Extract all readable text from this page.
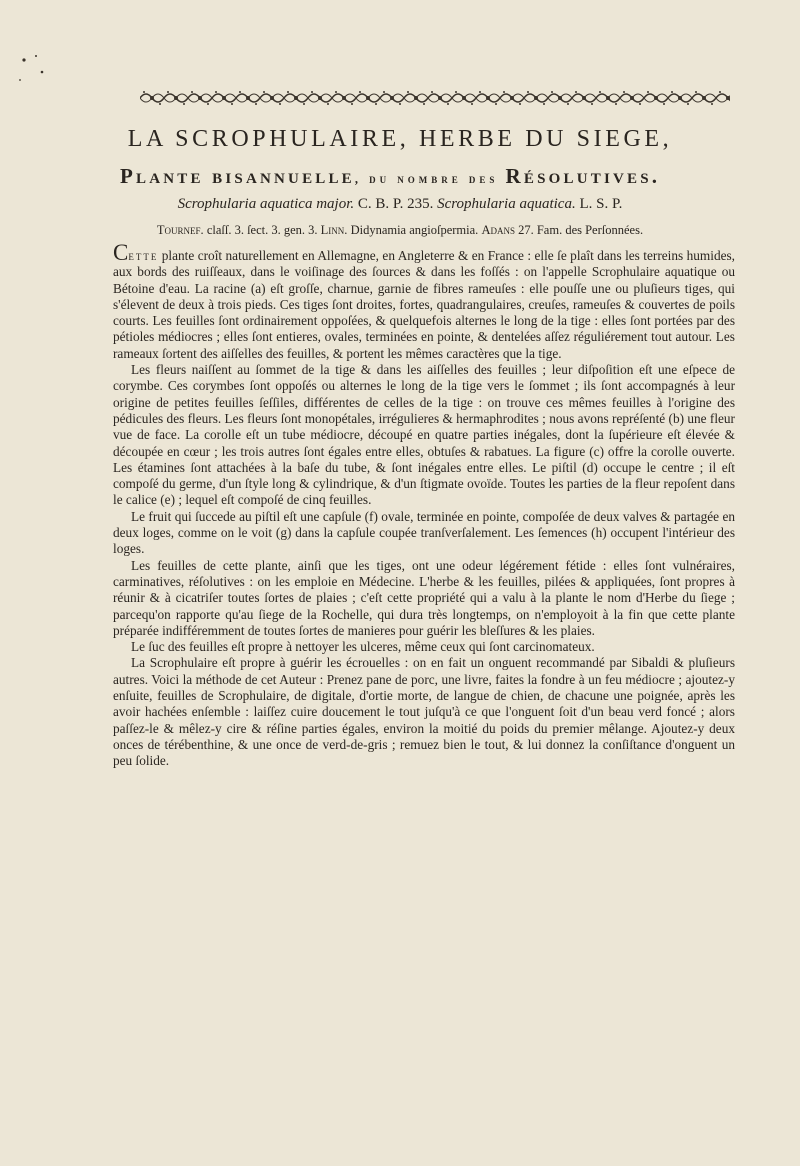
LA SCROPHULAIRE, HERBE DU SIEGE,
Plante bisannuelle, du nombre des Résolutives.
Scrophularia aquatica major. C. B. P. 235. Scrophularia aquatica. L. S. P.
Tournef. claſſ. 3. ſect. 3. gen. 3. Linn. Didynamia angioſpermia. Adans 27. Fam. des Perſonnées.

Cette plante croît naturellement en Allemagne, en Angleterre & en France : elle ſe plaît dans les terreins humides, aux bords des ruiſſeaux, dans le voiſinage des ſources & dans les foſſés : on l'appelle Scrophulaire aquatique ou Bétoine d'eau. La racine (a) eſt groſſe, charnue, garnie de fibres rameuſes : elle pouſſe une ou pluſieurs tiges, qui s'élevent de deux à trois pieds. Ces tiges ſont droites, fortes, quadrangulaires, creuſes, rameuſes & couvertes de poils courts. Les feuilles ſont ordinairement oppoſées, & quelquefois alternes le long de la tige : elles ſont portées par des pétioles médiocres ; elles ſont entieres, ovales, terminées en pointe, & dentelées aſſez réguliérement tout autour. Les rameaux ſortent des aiſſelles des feuilles, & portent les mêmes caractères que la tige.

Les fleurs naiſſent au ſommet de la tige & dans les aiſſelles des feuilles ; leur diſpoſition eſt une eſpece de corymbe. Ces corymbes ſont oppoſés ou alternes le long de la tige vers le ſommet ; ils ſont accompagnés à leur origine de petites feuilles ſeſſiles, différentes de celles de la tige : on trouve ces mêmes feuilles à l'origine des pédicules des fleurs. Les fleurs ſont monopétales, irrégulieres & hermaphrodites ; nous avons repréſenté (b) une fleur vue de face. La corolle eſt un tube médiocre, découpé en quatre parties inégales, dont la ſupérieure eſt élevée & découpée en cœur ; les trois autres ſont égales entre elles, obtuſes & rabatues. La figure (c) offre la corolle ouverte. Les étamines ſont attachées à la baſe du tube, & ſont inégales entre elles. Le piſtil (d) occupe le centre ; il eſt compoſé du germe, d'un ſtyle long & cylindrique, & d'un ſtigmate ovoïde. Toutes les parties de la fleur repoſent dans le calice (e) ; lequel eſt compoſé de cinq feuilles.

Le fruit qui ſuccede au piſtil eſt une capſule (f) ovale, terminée en pointe, compoſée de deux valves & partagée en deux loges, comme on le voit (g) dans la capſule coupée tranſverſalement. Les ſemences (h) occupent l'intérieur des loges.

Les feuilles de cette plante, ainſi que les tiges, ont une odeur légérement fétide : elles ſont vulnéraires, carminatives, réſolutives : on les emploie en Médecine. L'herbe & les feuilles, pilées & appliquées, ſont propres à réunir & à cicatriſer toutes ſortes de plaies ; c'eſt cette propriété qui a valu à la plante le nom d'Herbe du ſiege ; parcequ'on rapporte qu'au ſiege de la Rochelle, qui dura très longtemps, on n'employoit à la fin que cette plante préparée indifféremment de toutes ſortes de manieres pour guérir les bleſſures & les plaies.

Le ſuc des feuilles eſt propre à nettoyer les ulceres, même ceux qui ſont carcinomateux.

La Scrophulaire eſt propre à guérir les écrouelles : on en fait un onguent recommandé par Sibaldi & pluſieurs autres. Voici la méthode de cet Auteur : Prenez pane de porc, une livre, faites la fondre à un feu médiocre ; ajoutez-y enſuite, feuilles de Scrophulaire, de digitale, d'ortie morte, de langue de chien, de chacune une poignée, après les avoir hachées enſemble : laiſſez cuire doucement le tout juſqu'à ce que l'onguent ſoit d'un beau verd foncé ; alors paſſez-le & mêlez-y cire & réſine parties égales, environ la moitié du poids du premier mêlange. Ajoutez-y deux onces de térébenthine, & une once de verd-de-gris ; remuez bien le tout, & lui donnez la conſiſtance d'onguent un peu ſolide.
